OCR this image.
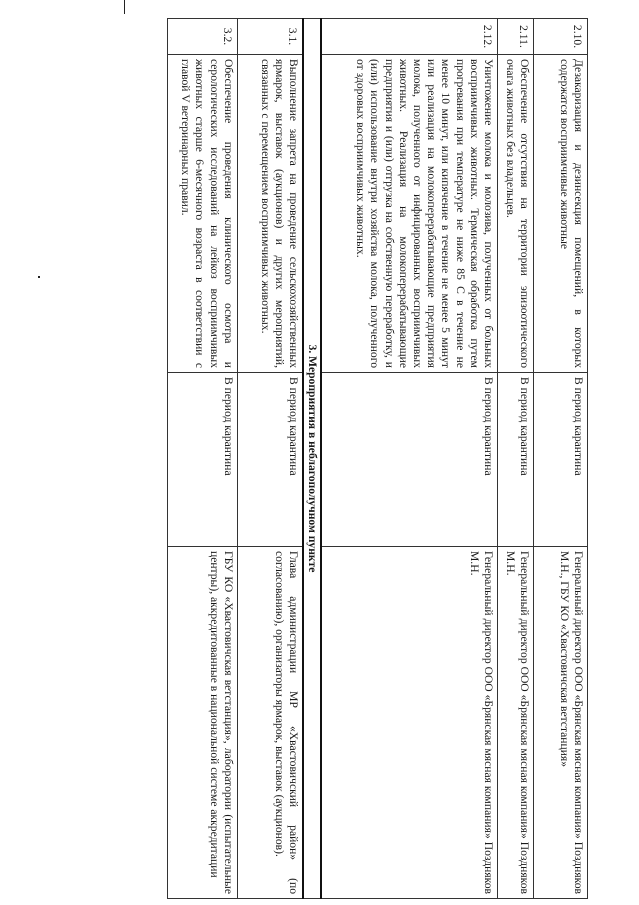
2.10.	Дезакаризация и дезинсекция помещений, в которых содержатся восприимчивые животные	В период карантина	Генеральный директор ООО «Брянская мясная компания» Поздняков М.Н., ГБУ КО «Хвастовичская ветстанция»
2.11.	Обеспечение отсутствия на территории эпизоотического очага животных без владельцев.	В период карантина	Генеральный директор ООО «Брянская мясная компания» Поздняков М.Н.
2.12.	Уничтожение молока и молозива, полученных от больных восприимчивых животных. Термическая обработка путем прогревания при температуре не ниже 85 С в течение не менее 10 минут, или кипячение в течение не менее 5 минут или реализация на молокоперерабатывающие предприятия молока, полученного от инфицированных восприимчивых животных. Реализация на молокоперерабатывающие предприятия и (или) отгрузка на собственную переработку, и (или) использование внутри хозяйства молока, полученного от здоровых восприимчивых животных.	В период карантина	Генеральный директор ООО «Брянская мясная компания» Поздняков М.Н.
3. Мероприятия в неблагополучном пункте			
3.1.	Выполнение запрета на проведение сельскохозяйственных ярмарок, выставок (аукционов) и других мероприятий, связанных с перемещением восприимчивых животных.	В период карантина	Глава администрации МР «Хвастовичский район» (по согласованию), организаторы ярмарок, выставок (аукционов).
3.2.	Обеспечение проведения клинического осмотра и серологических исследований на лейкоз восприимчивых животных старше 6-месячного возраста в соответствии с главой V ветеринарных правил.	В период карантина	ГБУ КО «Хвастовичская ветстанция», лаборатории (испытательные центры), аккредитованные в национальной системе аккредитации
